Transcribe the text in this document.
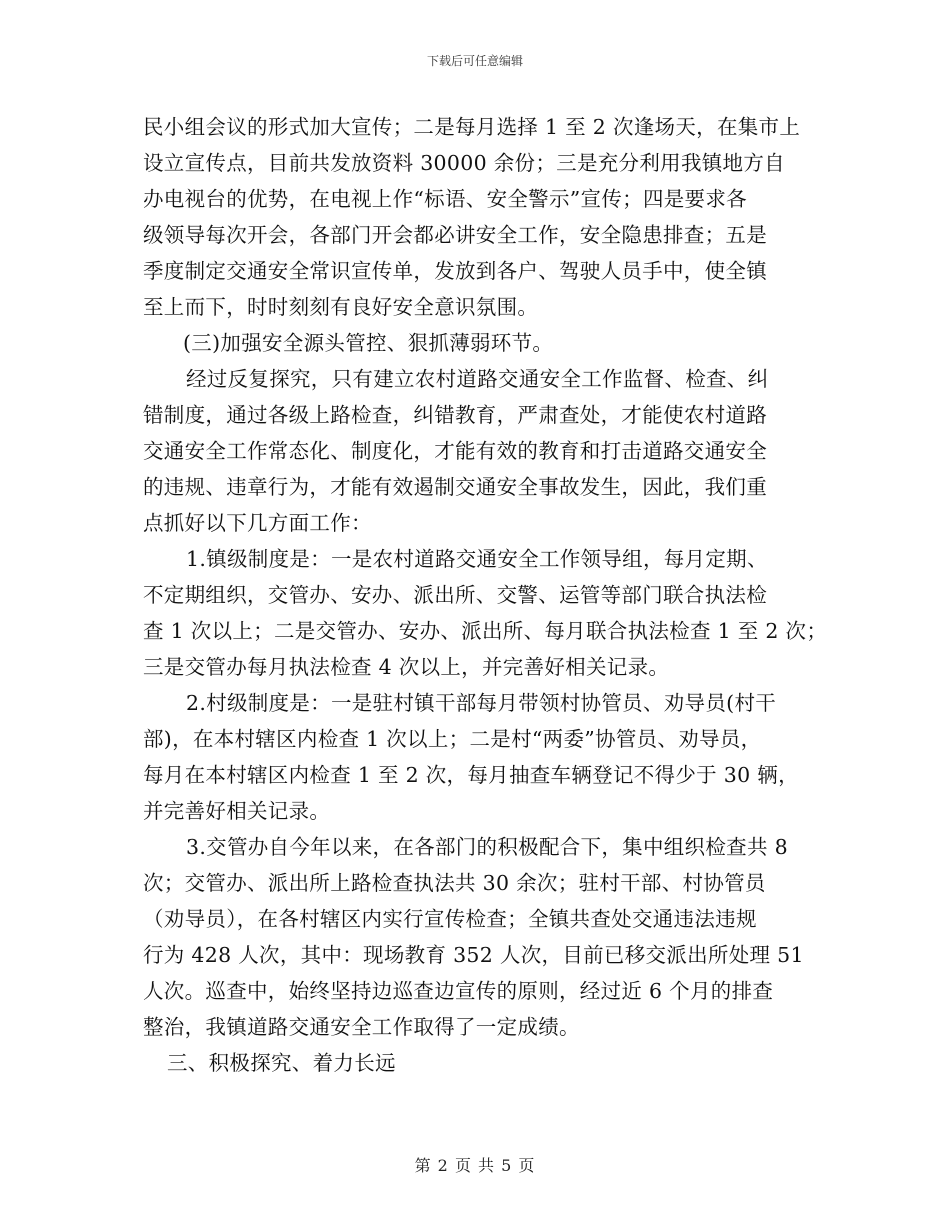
下载后可任意编辑
民小组会议的形式加大宣传；二是每月选择 1 至 2 次逢场天，在集市上
设立宣传点，目前共发放资料 30000 余份；三是充分利用我镇地方自
办电视台的优势，在电视上作“标语、安全警示”宣传；四是要求各
级领导每次开会，各部门开会都必讲安全工作，安全隐患排查；五是
季度制定交通安全常识宣传单，发放到各户、驾驶人员手中，使全镇
至上而下，时时刻刻有良好安全意识氛围。
(三)加强安全源头管控、狠抓薄弱环节。
经过反复探究，只有建立农村道路交通安全工作监督、检查、纠
错制度，通过各级上路检查，纠错教育，严肃查处，才能使农村道路
交通安全工作常态化、制度化，才能有效的教育和打击道路交通安全
的违规、违章行为，才能有效遏制交通安全事故发生，因此，我们重
点抓好以下几方面工作：
1.镇级制度是：一是农村道路交通安全工作领导组，每月定期、
不定期组织，交管办、安办、派出所、交警、运管等部门联合执法检
查 1 次以上；二是交管办、安办、派出所、每月联合执法检查 1 至 2 次；
三是交管办每月执法检查 4 次以上，并完善好相关记录。
2.村级制度是：一是驻村镇干部每月带领村协管员、劝导员(村干
部)，在本村辖区内检查 1 次以上；二是村“两委”协管员、劝导员，
每月在本村辖区内检查 1 至 2 次，每月抽查车辆登记不得少于 30 辆，
并完善好相关记录。
3.交管办自今年以来，在各部门的积极配合下，集中组织检查共 8
次；交管办、派出所上路检查执法共 30 余次；驻村干部、村协管员
（劝导员），在各村辖区内实行宣传检查；全镇共查处交通违法违规
行为 428 人次，其中：现场教育 352 人次，目前已移交派出所处理 51
人次。巡查中，始终坚持边巡查边宣传的原则，经过近 6 个月的排查
整治，我镇道路交通安全工作取得了一定成绩。
三、积极探究、着力长远
第 2 页 共 5 页
